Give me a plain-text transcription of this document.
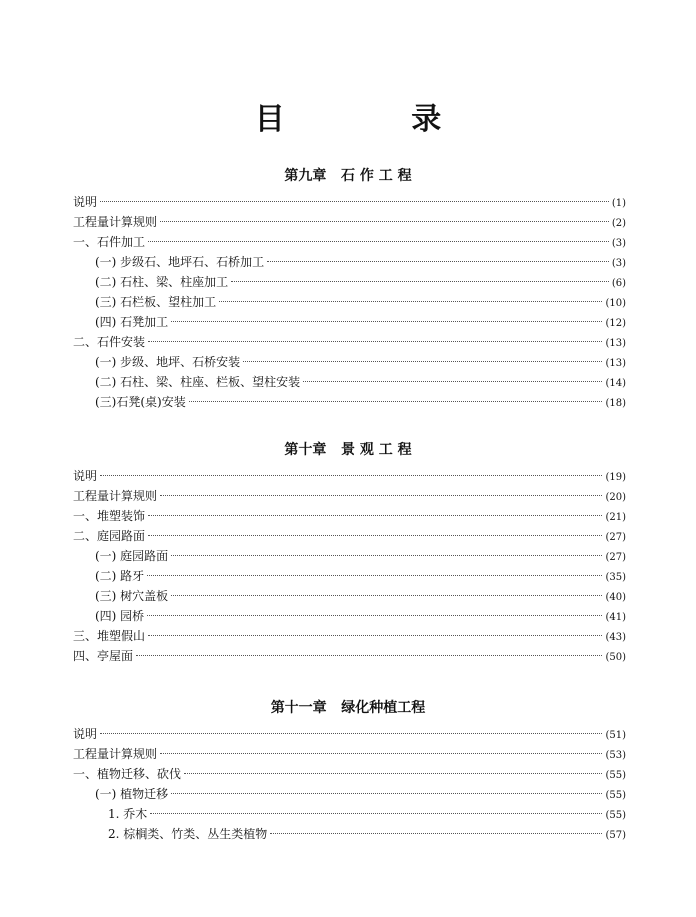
目 录
第九章   石 作 工 程
说明	(1)
工程量计算规则	(2)
一、石件加工	(3)
(一) 步级石、地坪石、石桥加工	(3)
(二) 石柱、梁、柱座加工	(6)
(三) 石栏板、望柱加工	(10)
(四) 石凳加工	(12)
二、石件安装	(13)
(一) 步级、地坪、石桥安装	(13)
(二) 石柱、梁、柱座、栏板、望柱安装	(14)
(三)石凳(桌)安装	(18)
第十章   景 观 工 程
说明	(19)
工程量计算规则	(20)
一、堆塑装饰	(21)
二、庭园路面	(27)
(一) 庭园路面	(27)
(二) 路牙	(35)
(三) 树穴盖板	(40)
(四) 园桥	(41)
三、堆塑假山	(43)
四、亭屋面	(50)
第十一章   绿化种植工程
说明	(51)
工程量计算规则	(53)
一、植物迁移、砍伐	(55)
(一) 植物迁移	(55)
1. 乔木	(55)
2. 棕榈类、竹类、丛生类植物	(57)
